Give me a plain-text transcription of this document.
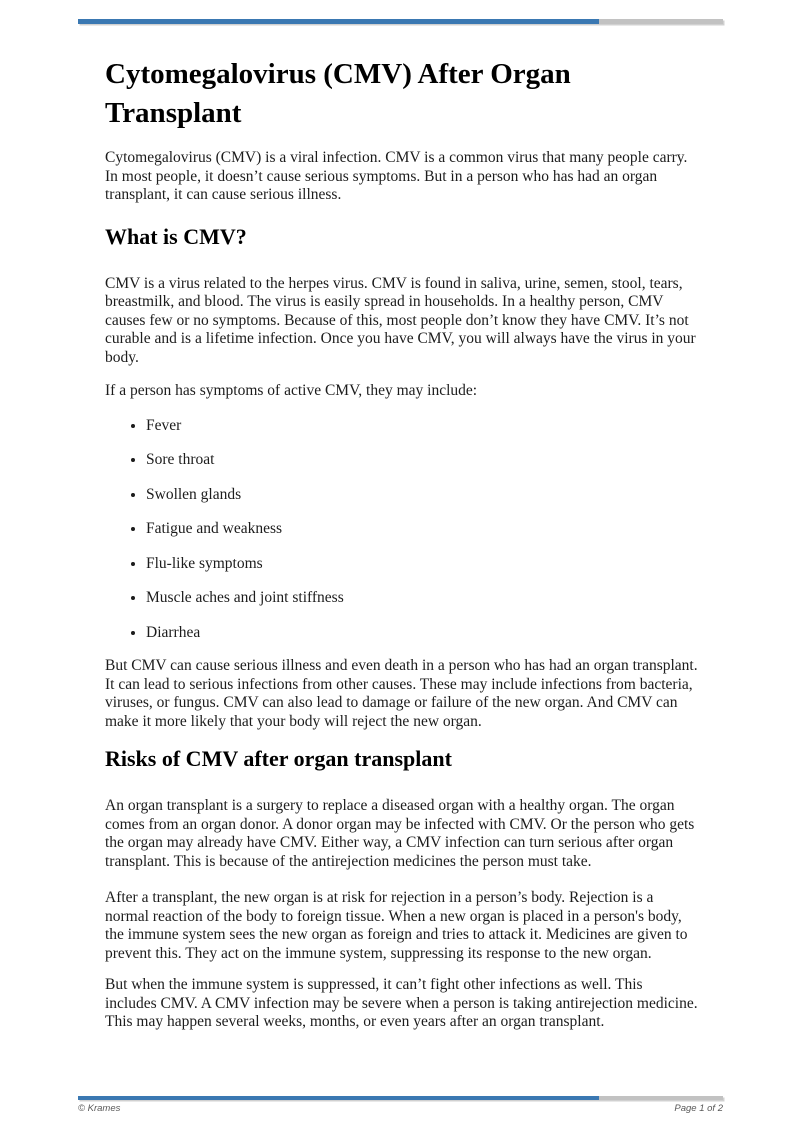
Cytomegalovirus (CMV) After Organ Transplant

Cytomegalovirus (CMV) is a viral infection. CMV is a common virus that many people carry. In most people, it doesn’t cause serious symptoms. But in a person who has had an organ transplant, it can cause serious illness.

What is CMV?

CMV is a virus related to the herpes virus. CMV is found in saliva, urine, semen, stool, tears, breastmilk, and blood. The virus is easily spread in households. In a healthy person, CMV causes few or no symptoms. Because of this, most people don’t know they have CMV. It’s not curable and is a lifetime infection. Once you have CMV, you will always have the virus in your body.

If a person has symptoms of active CMV, they may include:

• Fever
• Sore throat
• Swollen glands
• Fatigue and weakness
• Flu-like symptoms
• Muscle aches and joint stiffness
• Diarrhea

But CMV can cause serious illness and even death in a person who has had an organ transplant. It can lead to serious infections from other causes. These may include infections from bacteria, viruses, or fungus. CMV can also lead to damage or failure of the new organ. And CMV can make it more likely that your body will reject the new organ.

Risks of CMV after organ transplant

An organ transplant is a surgery to replace a diseased organ with a healthy organ. The organ comes from an organ donor. A donor organ may be infected with CMV. Or the person who gets the organ may already have CMV. Either way, a CMV infection can turn serious after organ transplant. This is because of the antirejection medicines the person must take.

After a transplant, the new organ is at risk for rejection in a person’s body. Rejection is a normal reaction of the body to foreign tissue. When a new organ is placed in a person's body, the immune system sees the new organ as foreign and tries to attack it. Medicines are given to prevent this. They act on the immune system, suppressing its response to the new organ.

But when the immune system is suppressed, it can’t fight other infections as well. This includes CMV. A CMV infection may be severe when a person is taking antirejection medicine. This may happen several weeks, months, or even years after an organ transplant.

© Krames	Page 1 of 2
